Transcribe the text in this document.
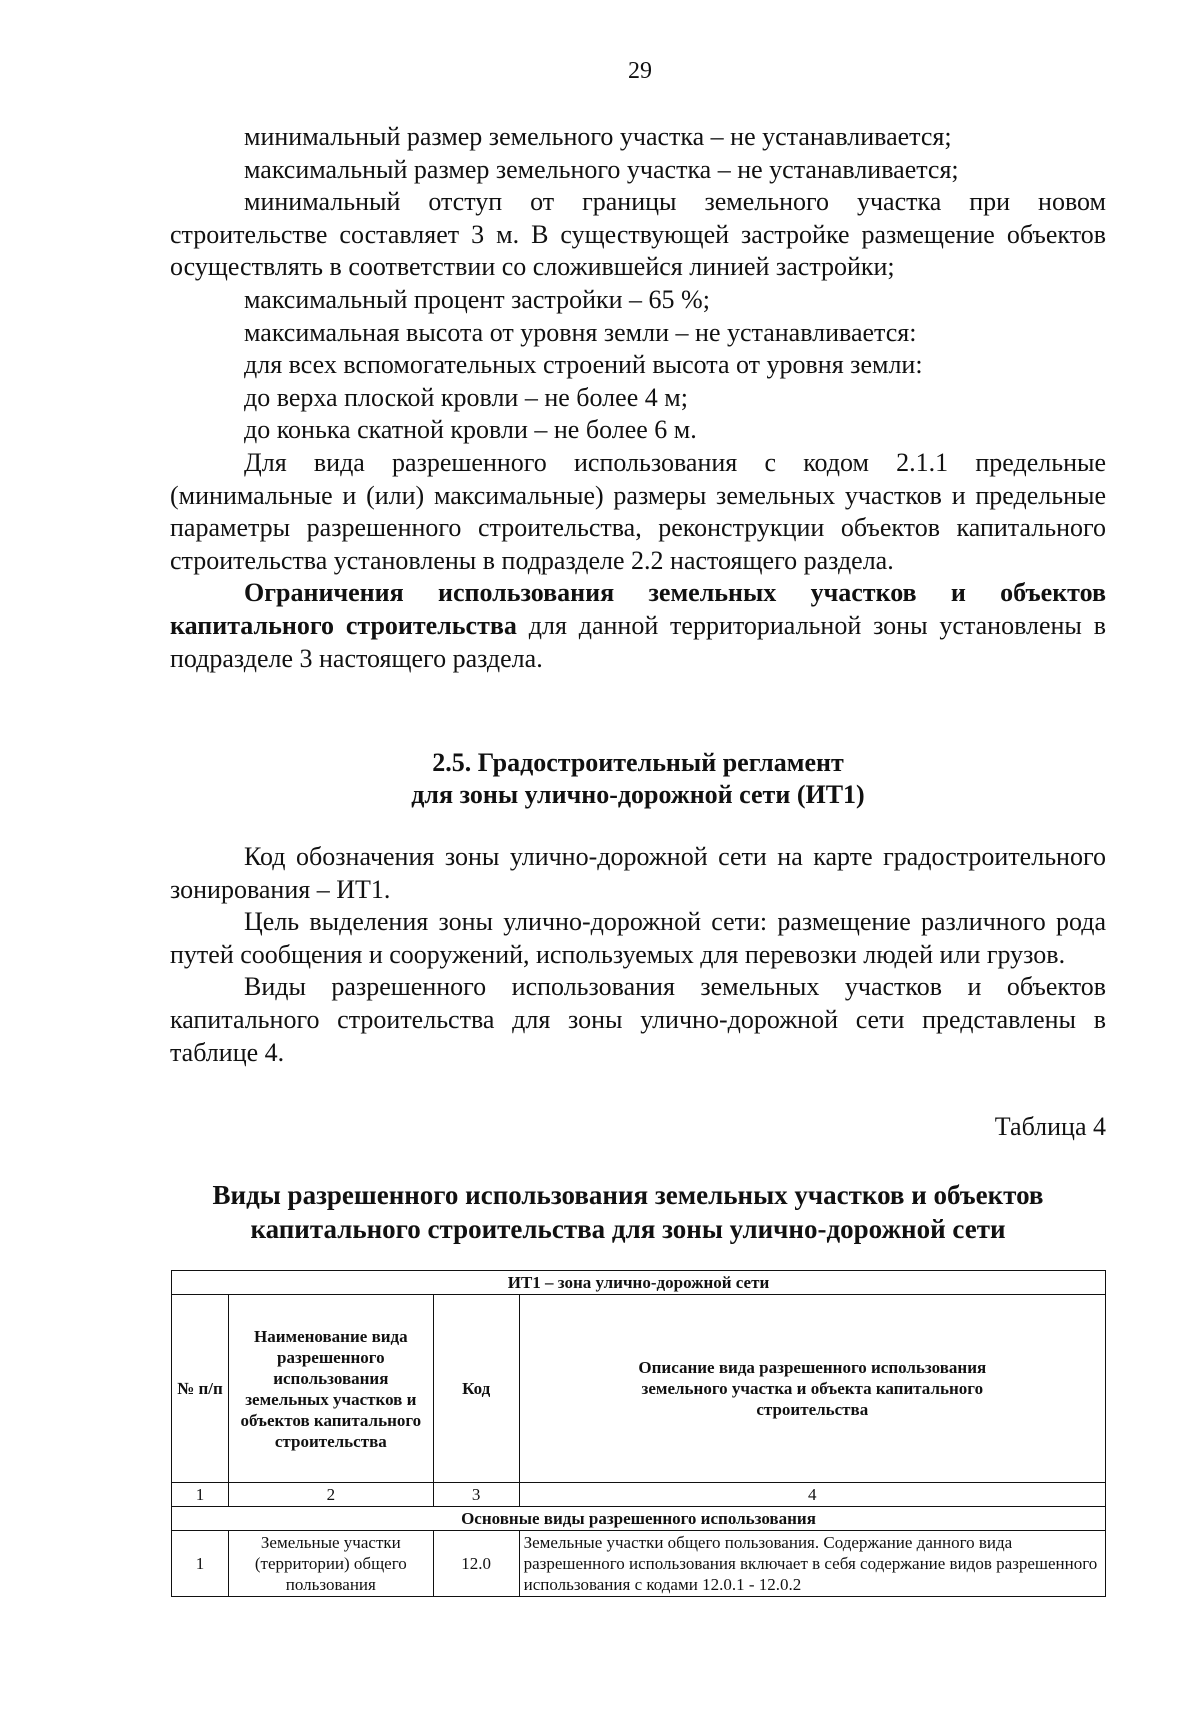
29

минимальный размер земельного участка – не устанавливается;

максимальный размер земельного участка – не устанавливается;

минимальный отступ от границы земельного участка при новом строительстве составляет 3 м. В существующей застройке размещение объектов осуществлять в соответствии со сложившейся линией застройки;

максимальный процент застройки – 65 %;

максимальная высота от уровня земли – не устанавливается:

для всех вспомогательных строений высота от уровня земли:

до верха плоской кровли – не более 4 м;

до конька скатной кровли – не более 6 м.

Для вида разрешенного использования с кодом 2.1.1 предельные (минимальные и (или) максимальные) размеры земельных участков и предельные параметры разрешенного строительства, реконструкции объектов капитального строительства установлены в подразделе 2.2 настоящего раздела.

Ограничения использования земельных участков и объектов капитального строительства для данной территориальной зоны установлены в подразделе 3 настоящего раздела.

2.5. Градостроительный регламент
для зоны улично-дорожной сети (ИТ1)

Код обозначения зоны улично-дорожной сети на карте градостроительного зонирования – ИТ1.

Цель выделения зоны улично-дорожной сети: размещение различного рода путей сообщения и сооружений, используемых для перевозки людей или грузов.

Виды разрешенного использования земельных участков и объектов капитального строительства для зоны улично-дорожной сети представлены в таблице 4.

Таблица 4
Виды разрешенного использования земельных участков и объектов
капитального строительства для зоны улично-дорожной сети
ИТ1 – зона улично-дорожной сети			
№ п/п	Наименование вида разрешенного использования земельных участков и объектов капитального строительства	Код	Описание вида разрешенного использования земельного участка и объекта капитального строительства
1	2	3	4
Основные виды разрешенного использования			
1	Земельные участки (территории) общего пользования	12.0	Земельные участки общего пользования. Содержание данного вида разрешенного использования включает в себя содержание видов разрешенного использования с кодами 12.0.1 - 12.0.2
